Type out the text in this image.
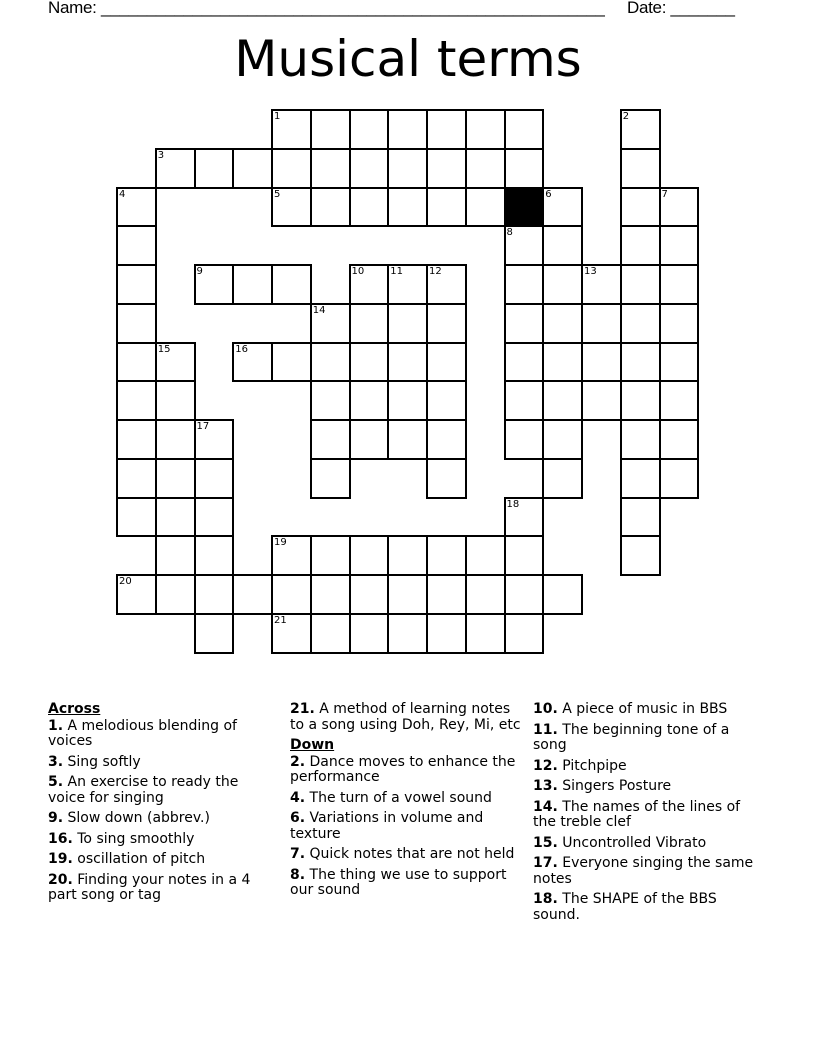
Name: _______________________________________________________ Date: _______
Musical terms
1	2
3
4	5	6	7
8
9	10	11	12	13
14
15	16
17
18
19
20
21
Across
1. A melodious blending of voices
3. Sing softly
5. An exercise to ready the voice for singing
9. Slow down (abbrev.)
16. To sing smoothly
19. oscillation of pitch
20. Finding your notes in a 4 part song or tag
21. A method of learning notes to a song using Doh, Rey, Mi, etc
Down
2. Dance moves to enhance the performance
4. The turn of a vowel sound
6. Variations in volume and texture
7. Quick notes that are not held
8. The thing we use to support our sound
10. A piece of music in BBS
11. The beginning tone of a song
12. Pitchpipe
13. Singers Posture
14. The names of the lines of the treble clef
15. Uncontrolled Vibrato
17. Everyone singing the same notes
18. The SHAPE of the BBS sound.
